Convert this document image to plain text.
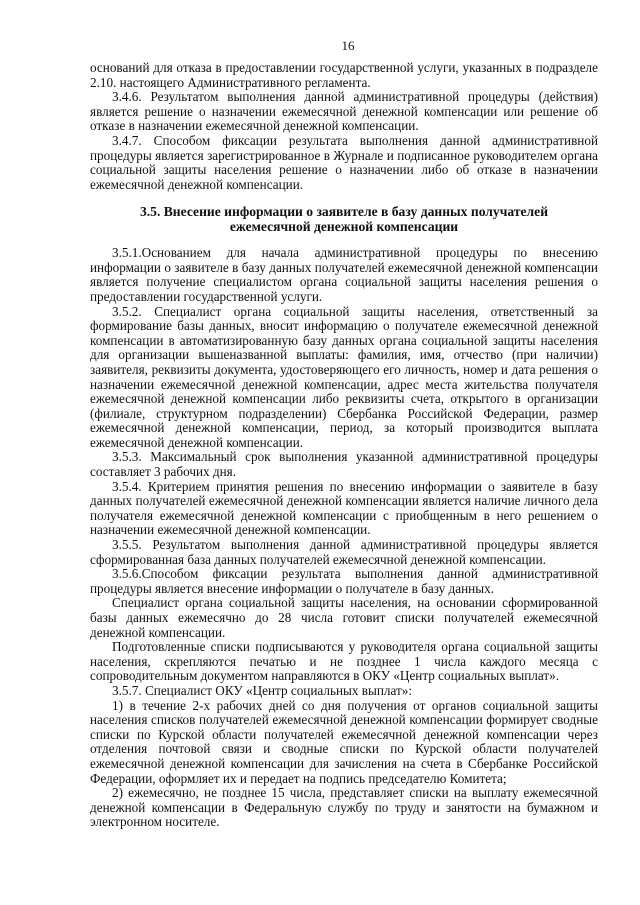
16

оснований для отказа в предоставлении государственной услуги, указанных в подразделе 2.10. настоящего Административного регламента.

3.4.6. Результатом выполнения данной административной процедуры (действия) является решение о назначении ежемесячной денежной компенсации или решение об отказе в назначении ежемесячной денежной компенсации.

3.4.7. Способом фиксации результата выполнения данной административной процедуры является зарегистрированное в Журнале и подписанное руководителем органа социальной защиты населения решение о назначении либо об отказе в назначении ежемесячной денежной компенсации.

3.5. Внесение информации о заявителе в базу данных получателей
ежемесячной денежной компенсации

3.5.1.Основанием для начала административной процедуры по внесению информации о заявителе в базу данных получателей ежемесячной денежной компенсации является получение специалистом органа социальной защиты населения решения о предоставлении государственной услуги.

3.5.2. Специалист органа социальной защиты населения, ответственный за формирование базы данных, вносит информацию о получателе ежемесячной денежной компенсации в автоматизированную базу данных органа социальной защиты населения для организации вышеназванной выплаты: фамилия, имя, отчество (при наличии) заявителя, реквизиты документа, удостоверяющего его личность, номер и дата решения о назначении ежемесячной денежной компенсации, адрес места жительства получателя ежемесячной денежной компенсации либо реквизиты счета, открытого в организации (филиале, структурном подразделении) Сбербанка Российской Федерации, размер ежемесячной денежной компенсации, период, за который производится выплата ежемесячной денежной компенсации.

3.5.3. Максимальный срок выполнения указанной административной процедуры составляет 3 рабочих дня.

3.5.4. Критерием принятия решения по внесению информации о заявителе в базу данных получателей ежемесячной денежной компенсации является наличие личного дела получателя ежемесячной денежной компенсации с приобщенным в него решением о назначении ежемесячной денежной компенсации.

3.5.5. Результатом выполнения данной административной процедуры является сформированная база данных получателей ежемесячной денежной компенсации.

3.5.6.Способом фиксации результата выполнения данной административной процедуры является внесение информации о получателе в базу данных.

Специалист органа социальной защиты населения, на основании сформированной базы данных ежемесячно до 28 числа готовит списки получателей ежемесячной денежной компенсации.

Подготовленные списки подписываются у руководителя органа социальной защиты населения, скрепляются печатью и не позднее 1 числа каждого месяца с сопроводительным документом направляются в ОКУ «Центр социальных выплат».

3.5.7. Специалист ОКУ «Центр социальных выплат»:

1) в течение 2-х рабочих дней со дня получения от органов социальной защиты населения списков получателей ежемесячной денежной компенсации формирует сводные списки по Курской области получателей ежемесячной денежной компенсации через отделения почтовой связи и сводные списки по Курской области получателей ежемесячной денежной компенсации для зачисления на счета в Сбербанке Российской Федерации, оформляет их и передает на подпись председателю Комитета;

2) ежемесячно, не позднее 15 числа, представляет списки на выплату ежемесячной денежной компенсации в Федеральную службу по труду и занятости на бумажном и электронном носителе.
